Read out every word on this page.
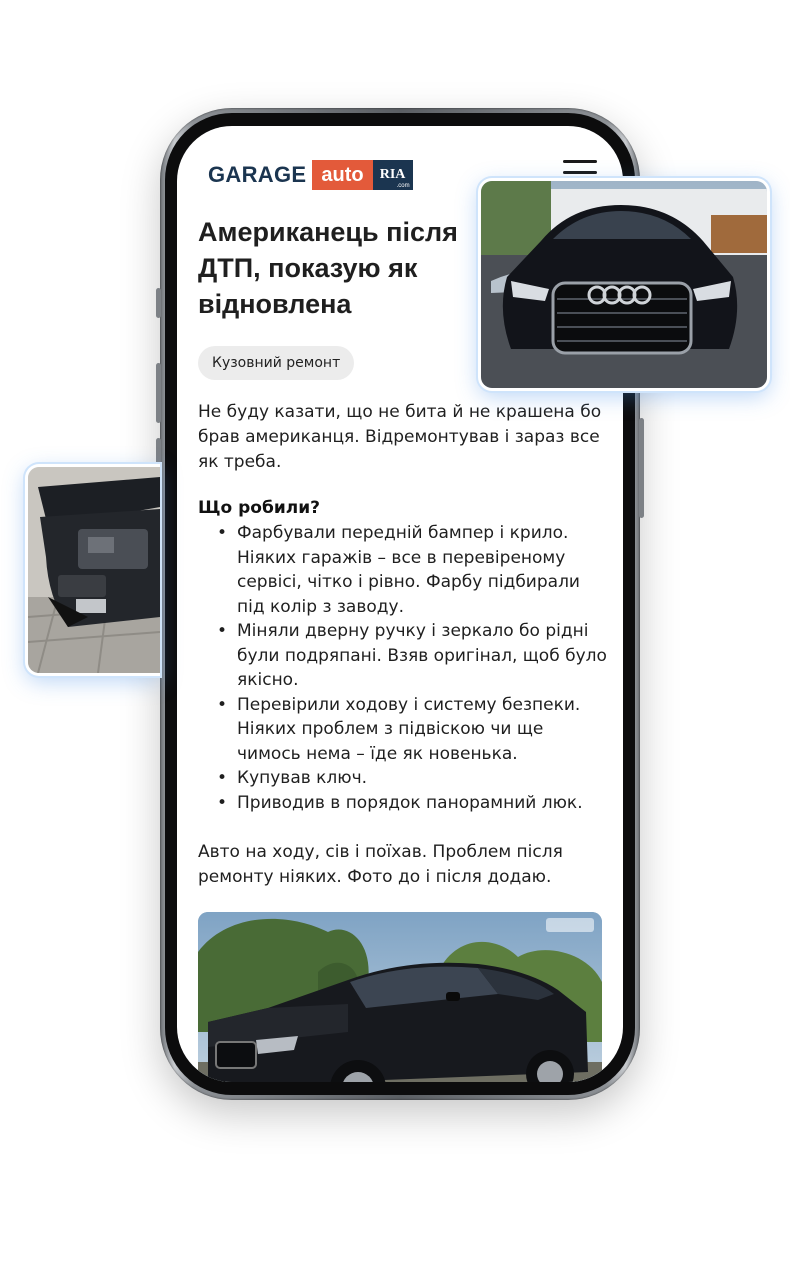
GARAGE auto	RIA
.com
Американець після ДТП, показую як відновлена
Кузовний ремонт

Не буду казати, що не бита й не крашена бо брав американця. Відремонтував і зараз все як треба.

Що робили?
• Фарбували передній бампер і крило. Ніяких гаражів – все в перевіреному сервісі, чітко і рівно. Фарбу підбирали під колір з заводу.
• Міняли дверну ручку і зеркало бо рідні були подряпані. Взяв оригінал, щоб було якісно.
• Перевірили ходову і систему безпеки. Ніяких проблем з підвіскою чи ще чимось нема – їде як новенька.
• Купував ключ.
• Приводив в порядок панорамний люк.

Авто на ходу, сів і поїхав. Проблем після ремонту ніяких. Фото до і після додаю.
